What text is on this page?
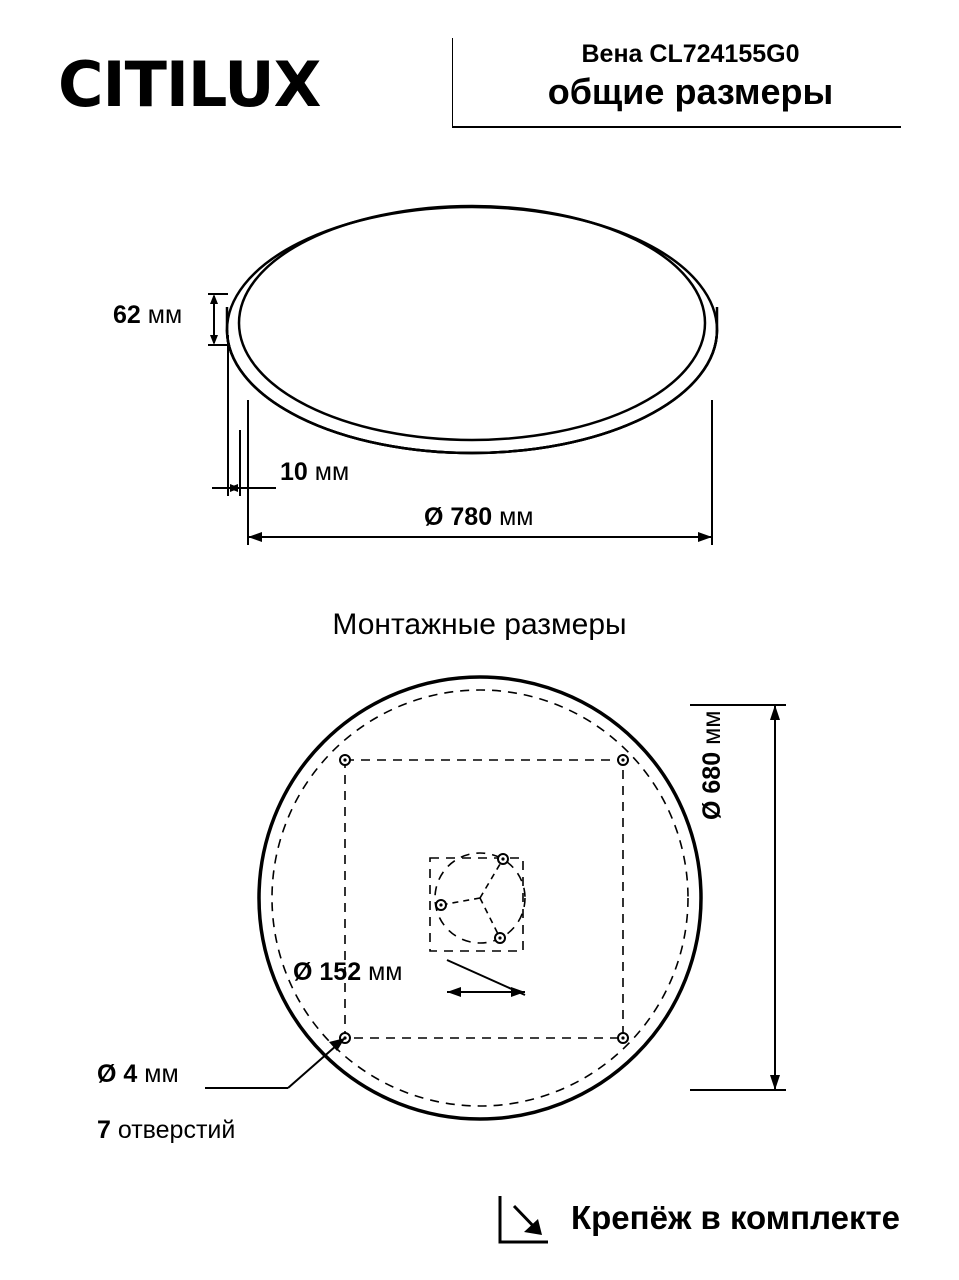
CITILUX	Вена CL724155G0
общие размеры
62 мм
10 мм
Ø 780 мм
Монтажные размеры
Ø 680 мм
Ø 152 мм
Ø 4 мм
7 отверстий
Крепёж в комплекте
